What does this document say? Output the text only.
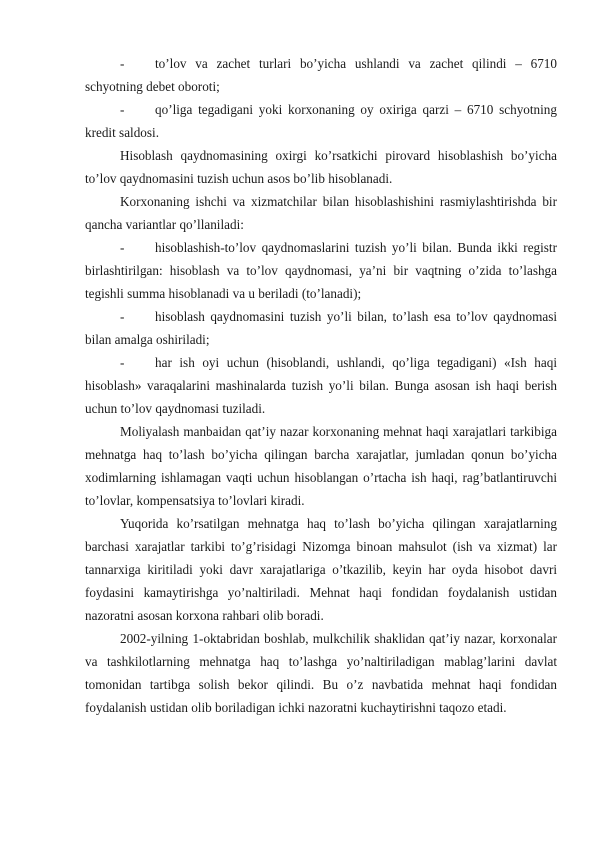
- to’lov va zachet turlari bo’yicha ushlandi va zachet qilindi – 6710 schyotning debet oboroti;

- qo’liga tegadigani yoki korxonaning oy oxiriga qarzi – 6710 schyotning kredit saldosi.

Hisoblash qaydnomasining oxirgi ko’rsatkichi pirovard hisoblashish bo’yicha to’lov qaydnomasini tuzish uchun asos bo’lib hisoblanadi.

Korxonaning ishchi va xizmatchilar bilan hisoblashishini rasmiylashtirishda bir qancha variantlar qo’llaniladi:

- hisoblashish-to’lov qaydnomaslarini tuzish yo’li bilan. Bunda ikki registr birlashtirilgan: hisoblash va to’lov qaydnomasi, ya’ni bir vaqtning o’zida to’lashga tegishli summa hisoblanadi va u beriladi (to’lanadi);

- hisoblash qaydnomasini tuzish yo’li bilan, to’lash esa to’lov qaydnomasi bilan amalga oshiriladi;

- har ish oyi uchun (hisoblandi, ushlandi, qo’liga tegadigani) «Ish haqi hisoblash» varaqalarini mashinalarda tuzish yo’li bilan. Bunga asosan ish haqi berish uchun to’lov qaydnomasi tuziladi.

Moliyalash manbaidan qat’iy nazar korxonaning mehnat haqi xarajatlari tarkibiga mehnatga haq to’lash bo’yicha qilingan barcha xarajatlar, jumladan qonun bo’yicha xodimlarning ishlamagan vaqti uchun hisoblangan o’rtacha ish haqi, rag’batlantiruvchi to’lovlar, kompensatsiya to’lovlari kiradi.

Yuqorida ko’rsatilgan mehnatga haq to’lash bo’yicha qilingan xarajatlarning barchasi xarajatlar tarkibi to’g’risidagi Nizomga binoan mahsulot (ish va xizmat) lar tannarxiga kiritiladi yoki davr xarajatlariga o’tkazilib, keyin har oyda hisobot davri foydasini kamaytirishga yo’naltiriladi. Mehnat haqi fondidan foydalanish ustidan nazoratni asosan korxona rahbari olib boradi.

2002-yilning 1-oktabridan boshlab, mulkchilik shaklidan qat’iy nazar, korxonalar va tashkilotlarning mehnatga haq to’lashga yo’naltiriladigan mablag’larini davlat tomonidan tartibga solish bekor qilindi. Bu o’z navbatida mehnat haqi fondidan foydalanish ustidan olib boriladigan ichki nazoratni kuchaytirishni taqozo etadi.
